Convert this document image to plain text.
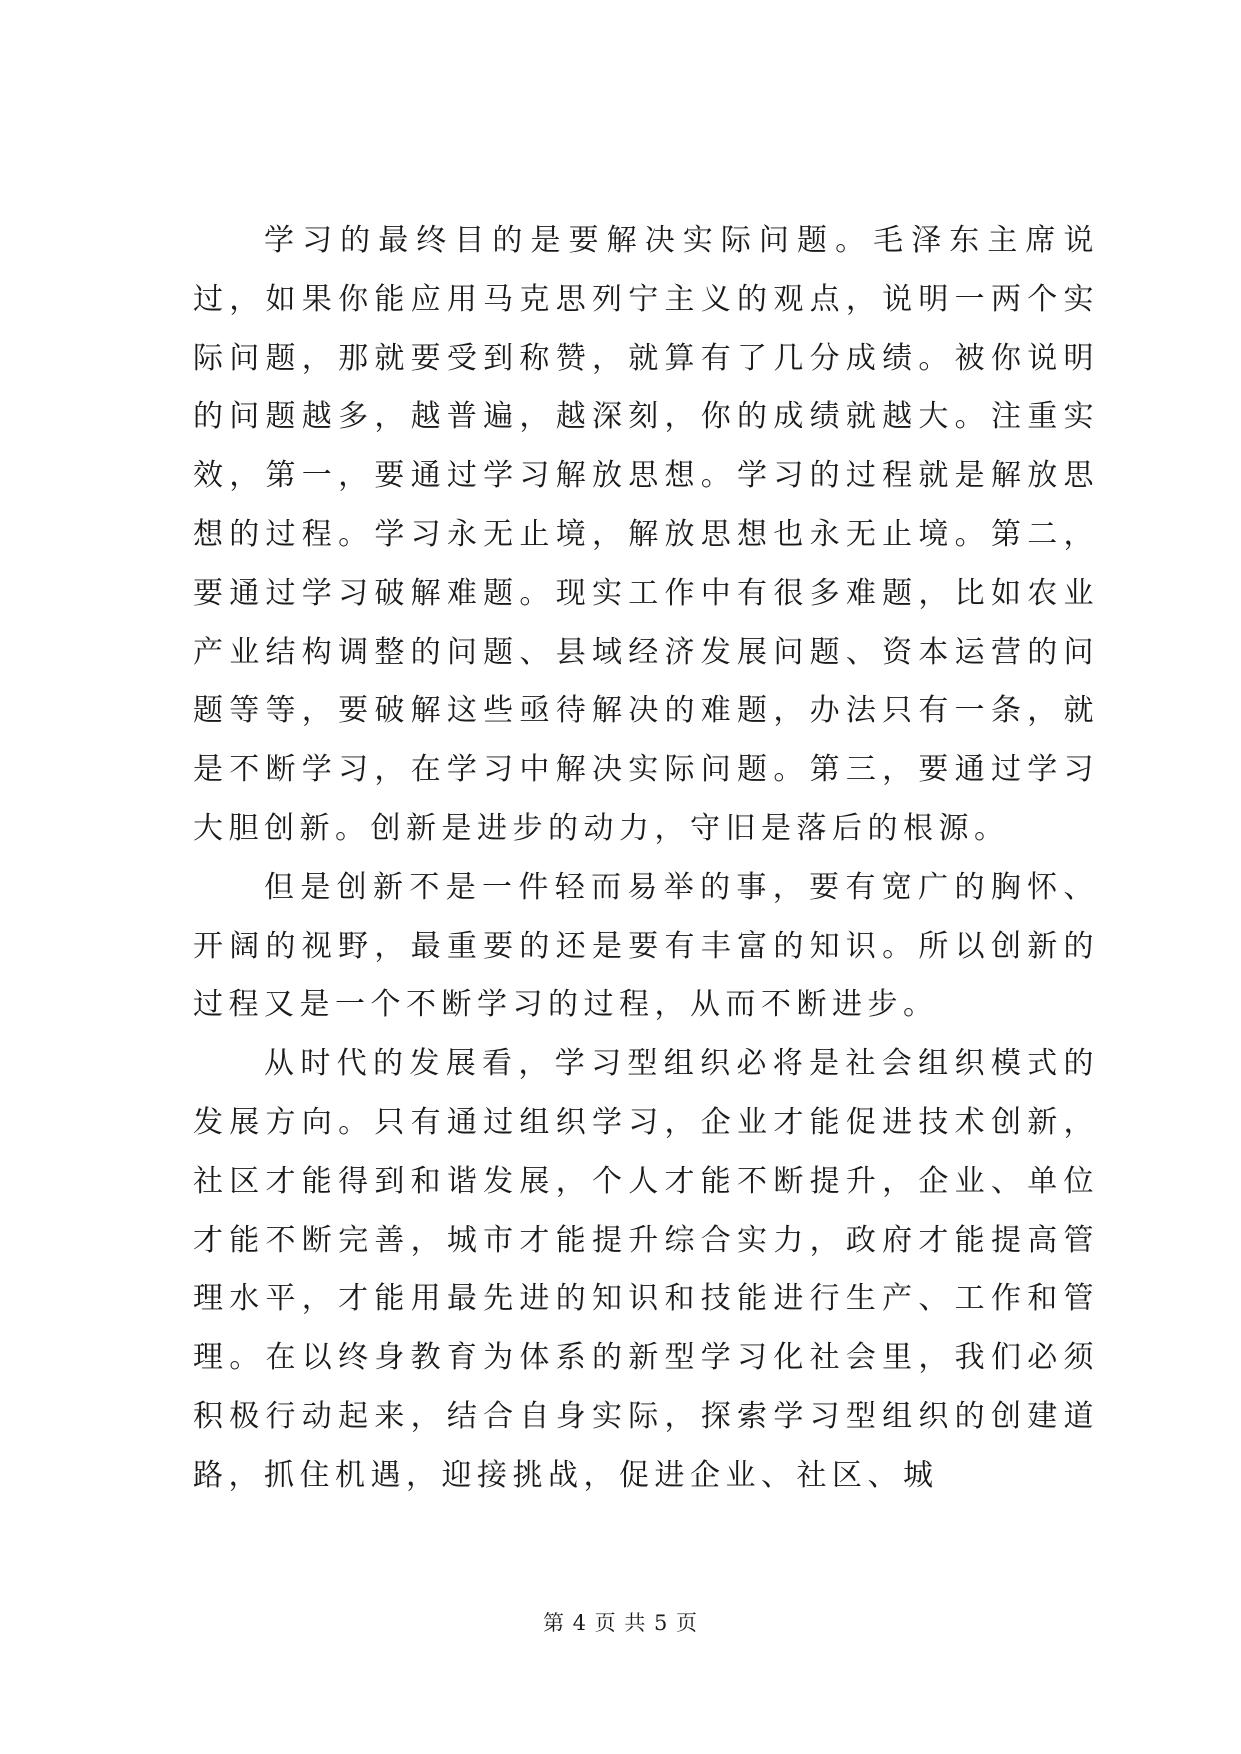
学习的最终目的是要解决实际问题。毛泽东主席说过，如果你能应用马克思列宁主义的观点，说明一两个实际问题，那就要受到称赞，就算有了几分成绩。被你说明的问题越多，越普遍，越深刻，你的成绩就越大。注重实效，第一，要通过学习解放思想。学习的过程就是解放思想的过程。学习永无止境，解放思想也永无止境。第二，要通过学习破解难题。现实工作中有很多难题，比如农业产业结构调整的问题、县域经济发展问题、资本运营的问题等等，要破解这些亟待解决的难题，办法只有一条，就是不断学习，在学习中解决实际问题。第三，要通过学习大胆创新。创新是进步的动力，守旧是落后的根源。

但是创新不是一件轻而易举的事，要有宽广的胸怀、开阔的视野，最重要的还是要有丰富的知识。所以创新的过程又是一个不断学习的过程，从而不断进步。

从时代的发展看，学习型组织必将是社会组织模式的发展方向。只有通过组织学习，企业才能促进技术创新，社区才能得到和谐发展，个人才能不断提升，企业、单位才能不断完善，城市才能提升综合实力，政府才能提高管理水平，才能用最先进的知识和技能进行生产、工作和管理。在以终身教育为体系的新型学习化社会里，我们必须积极行动起来，结合自身实际，探索学习型组织的创建道路，抓住机遇，迎接挑战，促进企业、社区、城

第 4 页 共 5 页
